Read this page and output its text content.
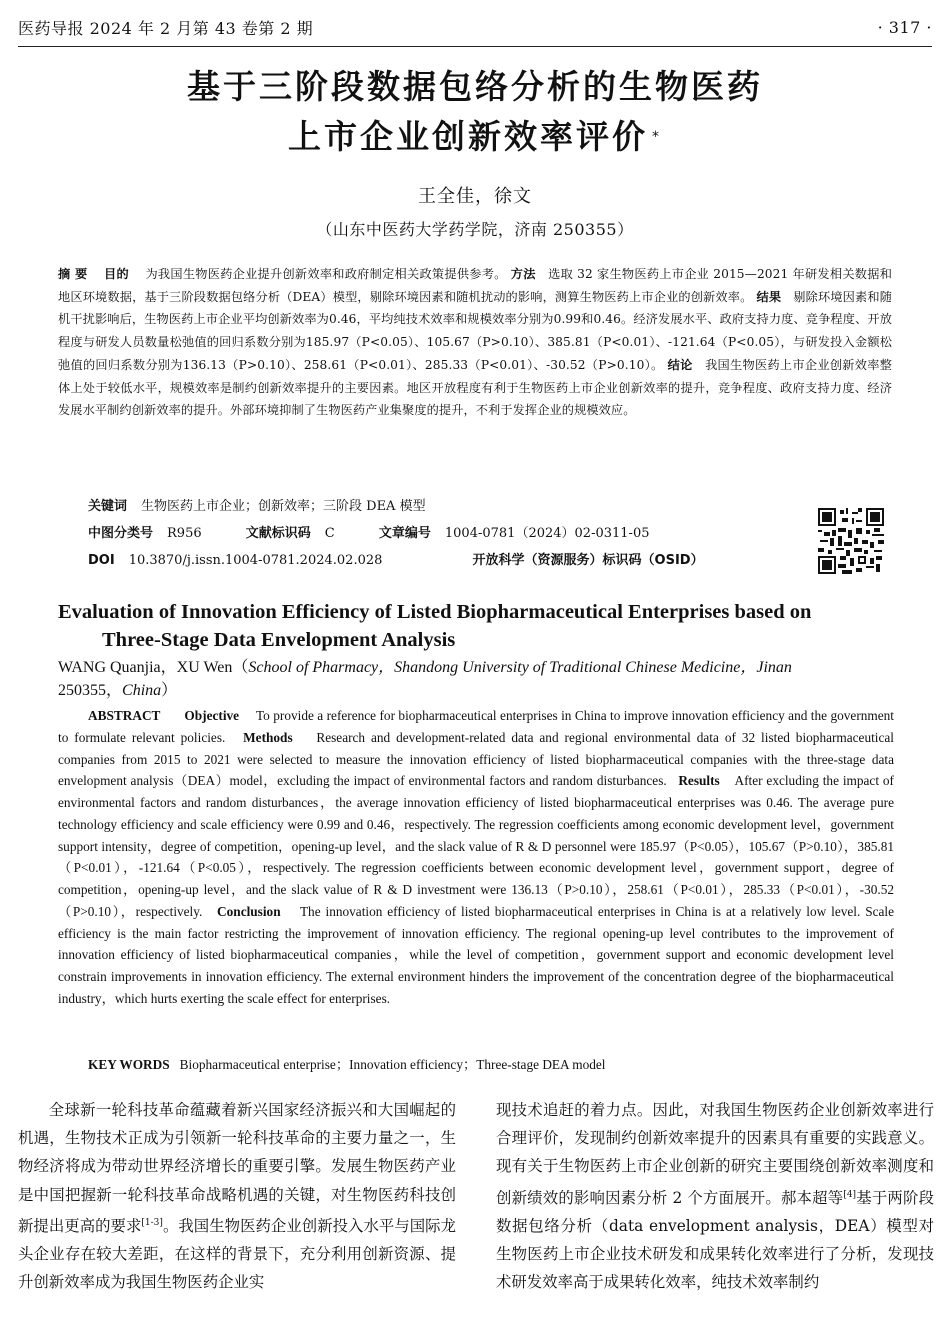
医药导报 2024 年 2 月第 43 卷第 2 期	· 317 ·
基于三阶段数据包络分析的生物医药
上市企业创新效率评价 *
王全佳，徐文
（山东中医药大学药学院，济南 250355）
摘 要 目的 为我国生物医药企业提升创新效率和政府制定相关政策提供参考。 方法 选取 32 家生物医药上市企业 2015—2021 年研发相关数据和地区环境数据，基于三阶段数据包络分析（DEA）模型，剔除环境因素和随机扰动的影响，测算生物医药上市企业的创新效率。 结果 剔除环境因素和随机干扰影响后，生物医药上市企业平均创新效率为0.46，平均纯技术效率和规模效率分别为0.99和0.46。经济发展水平、政府支持力度、竞争程度、开放程度与研发人员数量松弛值的回归系数分别为185.97（P<0.05）、105.67（P>0.10）、385.81（P<0.01）、-121.64（P<0.05），与研发投入金额松弛值的回归系数分别为136.13（P>0.10）、258.61（P<0.01）、285.33（P<0.01）、-30.52（P>0.10）。 结论 我国生物医药上市企业创新效率整体上处于较低水平，规模效率是制约创新效率提升的主要因素。地区开放程度有利于生物医药上市企业创新效率的提升，竞争程度、政府支持力度、经济发展水平制约创新效率的提升。外部环境抑制了生物医药产业集聚度的提升，不利于发挥企业的规模效应。
关键词 生物医药上市企业；创新效率；三阶段 DEA 模型
中图分类号 R956	文献标识码 C	文章编号 1004-0781（2024）02-0311-05
DOI 10.3870/j.issn.1004-0781.2024.02.028	开放科学（资源服务）标识码（OSID）
Evaluation of Innovation Efficiency of Listed Biopharmaceutical Enterprises based on
Three-Stage Data Envelopment Analysis
WANG Quanjia，XU Wen（School of Pharmacy，Shandong University of Traditional Chinese Medicine，Jinan
250355，China）
ABSTRACT Objective To provide a reference for biopharmaceutical enterprises in China to improve innovation efficiency and the government to formulate relevant policies. Methods Research and development-related data and regional environmental data of 32 listed biopharmaceutical companies from 2015 to 2021 were selected to measure the innovation efficiency of listed biopharmaceutical companies with the three-stage data envelopment analysis（DEA）model，excluding the impact of environmental factors and random disturbances. Results After excluding the impact of environmental factors and random disturbances，the average innovation efficiency of listed biopharmaceutical enterprises was 0.46. The average pure technology efficiency and scale efficiency were 0.99 and 0.46，respectively. The regression coefficients among economic development level，government support intensity，degree of competition，opening-up level，and the slack value of R & D personnel were 185.97（P<0.05），105.67（P>0.10），385.81（P<0.01），-121.64（P<0.05），respectively. The regression coefficients between economic development level，government support，degree of competition，opening-up level，and the slack value of R & D investment were 136.13（P>0.10），258.61（P<0.01），285.33（P<0.01），-30.52（P>0.10），respectively. Conclusion The innovation efficiency of listed biopharmaceutical enterprises in China is at a relatively low level. Scale efficiency is the main factor restricting the improvement of innovation efficiency. The regional opening-up level contributes to the improvement of innovation efficiency of listed biopharmaceutical companies，while the level of competition，government support and economic development level constrain improvements in innovation efficiency. The external environment hinders the improvement of the concentration degree of the biopharmaceutical industry，which hurts exerting the scale effect for enterprises.
KEY WORDS Biopharmaceutical enterprise；Innovation efficiency；Three-stage DEA model

全球新一轮科技革命蕴藏着新兴国家经济振兴和大国崛起的机遇，生物技术正成为引领新一轮科技革命的主要力量之一，生物经济将成为带动世界经济增长的重要引擎。发展生物医药产业是中国把握新一轮科技革命战略机遇的关键，对生物医药科技创新提出更高的要求[1-3]。我国生物医药企业创新投入水平与国际龙头企业存在较大差距，在这样的背景下，充分利用创新资源、提升创新效率成为我国生物医药企业实

现技术追赶的着力点。因此，对我国生物医药企业创新效率进行合理评价，发现制约创新效率提升的因素具有重要的实践意义。现有关于生物医药上市企业创新的研究主要围绕创新效率测度和创新绩效的影响因素分析 2 个方面展开。郝本超等[4]基于两阶段数据包络分析（data envelopment analysis，DEA）模型对生物医药上市企业技术研发和成果转化效率进行了分析，发现技术研发效率高于成果转化效率，纯技术效率制约
